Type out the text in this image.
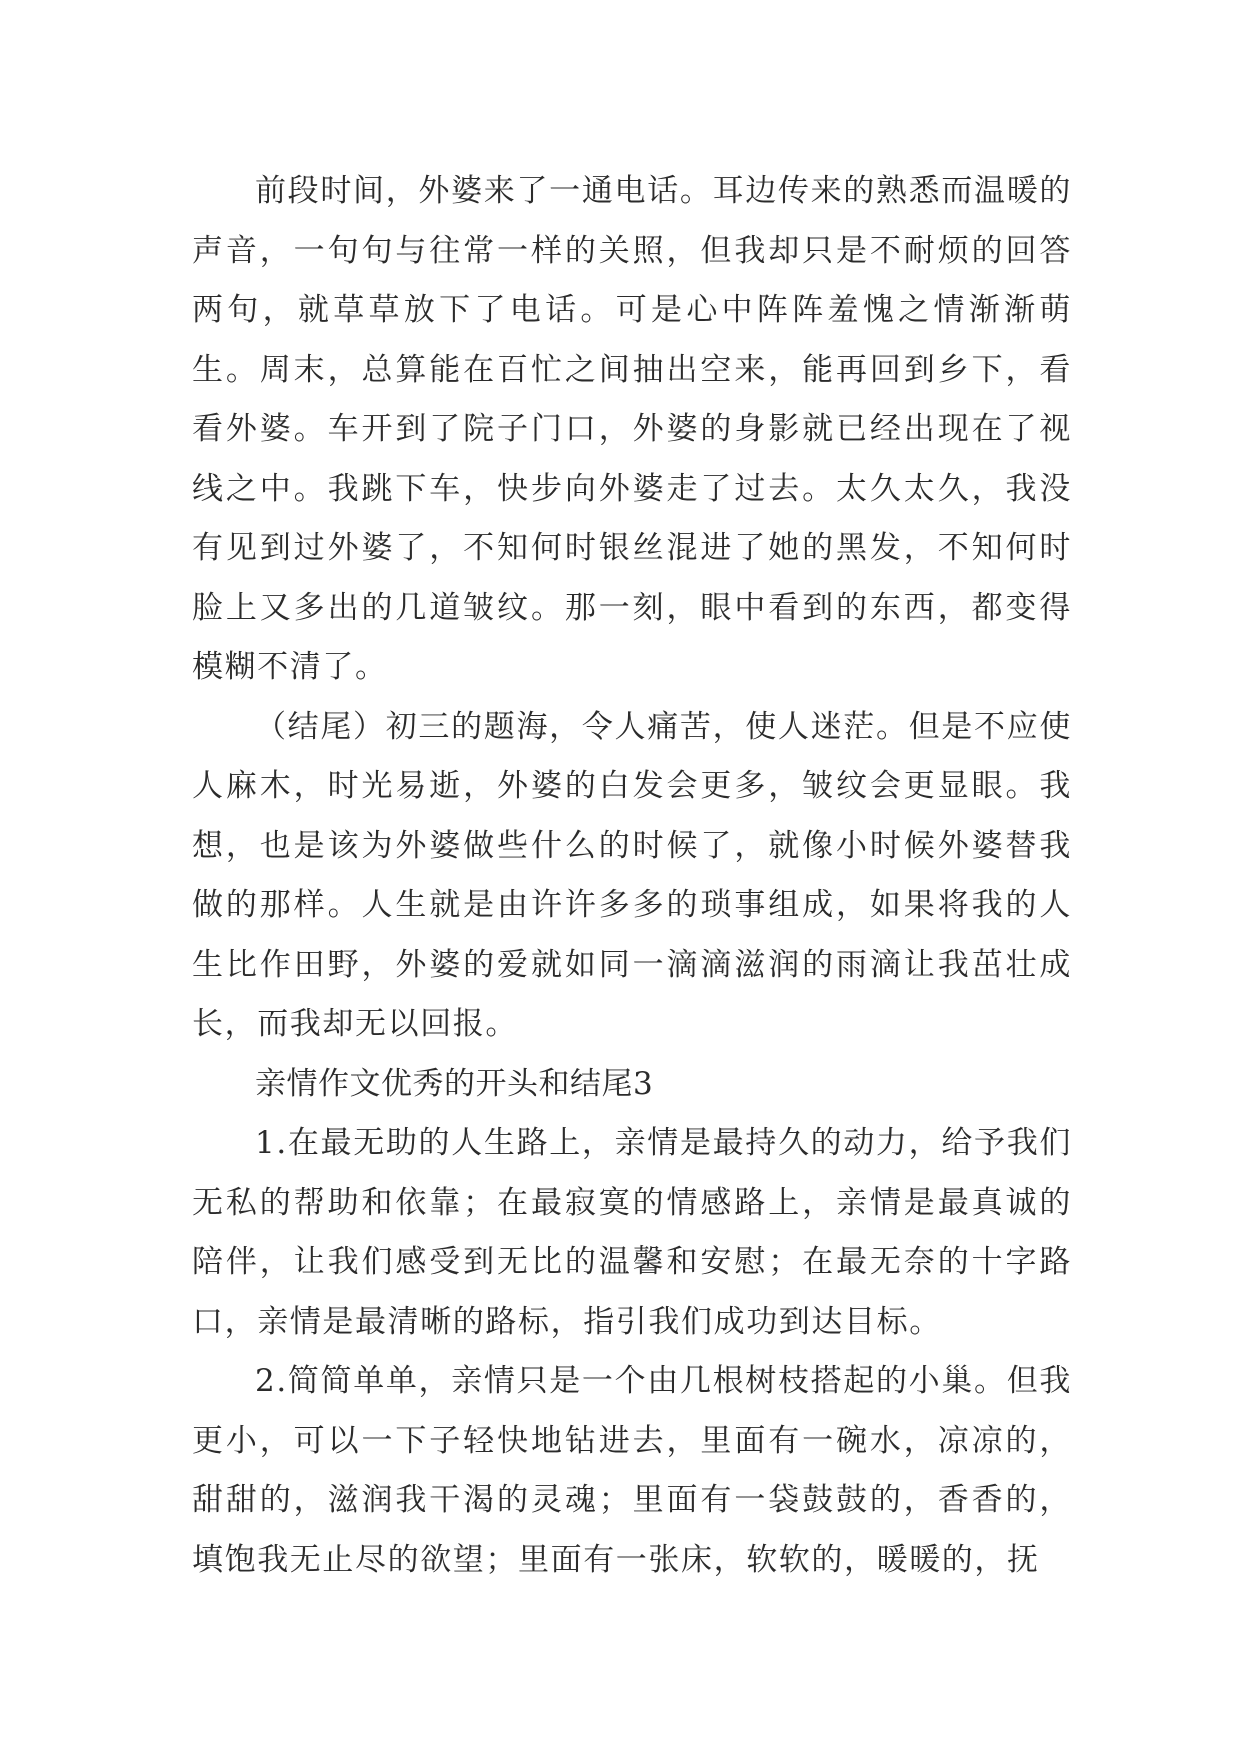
前段时间，外婆来了一通电话。耳边传来的熟悉而温暖的声音，一句句与往常一样的关照，但我却只是不耐烦的回答两句，就草草放下了电话。可是心中阵阵羞愧之情渐渐萌生。周末，总算能在百忙之间抽出空来，能再回到乡下，看看外婆。车开到了院子门口，外婆的身影就已经出现在了视线之中。我跳下车，快步向外婆走了过去。太久太久，我没有见到过外婆了，不知何时银丝混进了她的黑发，不知何时脸上又多出的几道皱纹。那一刻，眼中看到的东西，都变得模糊不清了。

（结尾）初三的题海，令人痛苦，使人迷茫。但是不应使人麻木，时光易逝，外婆的白发会更多，皱纹会更显眼。我想，也是该为外婆做些什么的时候了，就像小时候外婆替我做的那样。人生就是由许许多多的琐事组成，如果将我的人生比作田野，外婆的爱就如同一滴滴滋润的雨滴让我茁壮成长，而我却无以回报。

亲情作文优秀的开头和结尾3

1.在最无助的人生路上，亲情是最持久的动力，给予我们无私的帮助和依靠；在最寂寞的情感路上，亲情是最真诚的陪伴，让我们感受到无比的温馨和安慰；在最无奈的十字路口，亲情是最清晰的路标，指引我们成功到达目标。

2.简简单单，亲情只是一个由几根树枝搭起的小巢。但我更小，可以一下子轻快地钻进去，里面有一碗水，凉凉的，甜甜的，滋润我干渴的灵魂；里面有一袋鼓鼓的，香香的，填饱我无止尽的欲望；里面有一张床，软软的，暖暖的，抚
